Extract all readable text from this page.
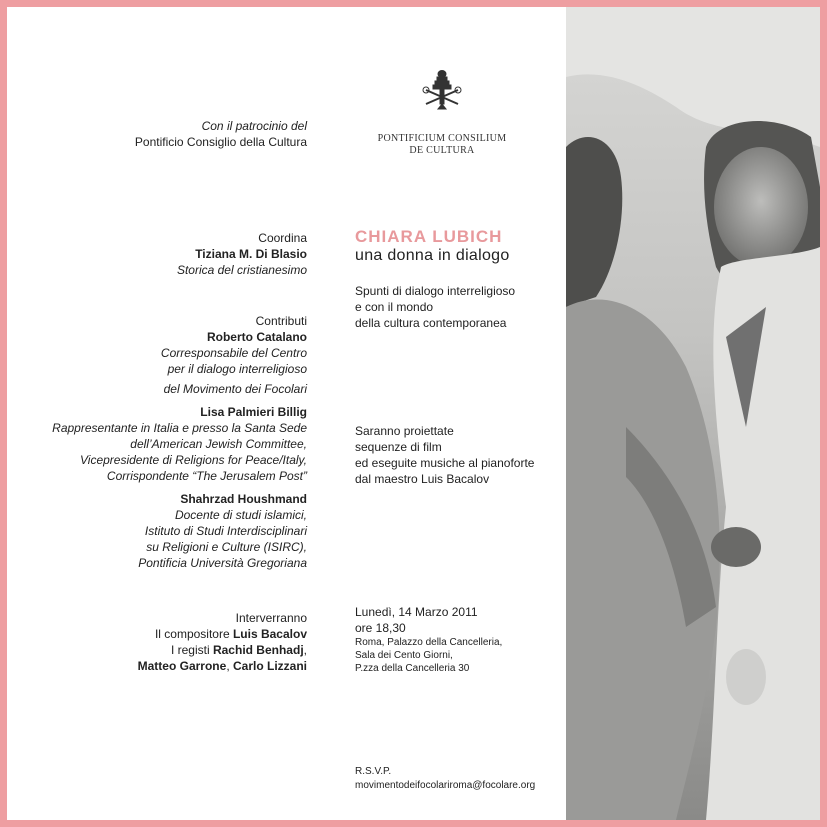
Con il patrocinio del
Pontificio Consiglio della Cultura	PONTIFICIUM CONSILIUM
DE CULTURA
Coordina
Tiziana M. Di Blasio
Storica del cristianesimo
Contributi
Roberto Catalano
Corresponsabile del Centro
per il dialogo interreligioso
del Movimento dei Focolari
Lisa Palmieri Billig
Rappresentante in Italia e presso la Santa Sede
dell’American Jewish Committee,
Vicepresidente di Religions for Peace/Italy,
Corrispondente “The Jerusalem Post”
Shahrzad Houshmand
Docente di studi islamici,
Istituto di Studi Interdisciplinari
su Religioni e Culture (ISIRC),
Pontificia Università Gregoriana
Interverranno
Il compositore Luis Bacalov
I registi Rachid Benhadj,
Matteo Garrone, Carlo Lizzani
CHIARA LUBICH
una donna in dialogo
Spunti di dialogo interreligioso
e con il mondo
della cultura contemporanea
Saranno proiettate
sequenze di film
ed eseguite musiche al pianoforte
dal maestro Luis Bacalov
Lunedì, 14 Marzo 2011
ore 18,30
Roma, Palazzo della Cancelleria,
Sala dei Cento Giorni,
P.zza della Cancelleria 30
R.S.V.P.
movimentodeifocolariroma@focolare.org
